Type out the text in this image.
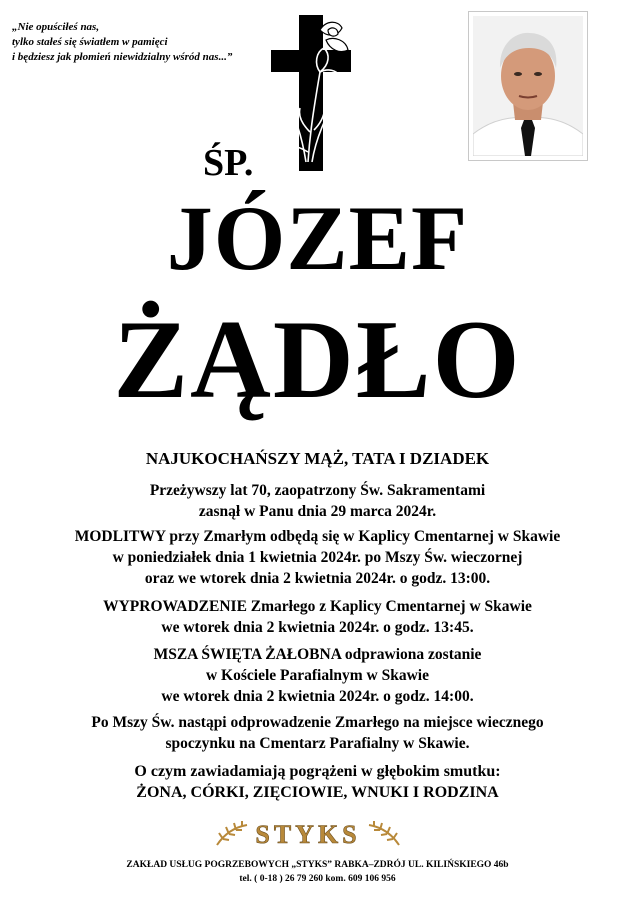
„Nie opuściłeś nas,
tylko stałeś się światłem w pamięci
i będziesz jak płomień niewidzialny wśród nas...”
ŚP.
JÓZEF
ŻĄDŁO
NAJUKOCHAŃSZY MĄŻ, TATA I DZIADEK
Przeżywszy lat 70, zaopatrzony Św. Sakramentami
zasnął w Panu dnia 29 marca 2024r.
MODLITWY przy Zmarłym odbędą się w Kaplicy Cmentarnej w Skawie
w poniedziałek dnia 1 kwietnia 2024r. po Mszy Św. wieczornej
oraz we wtorek dnia 2 kwietnia 2024r. o godz. 13:00.
WYPROWADZENIE Zmarłego z Kaplicy Cmentarnej w Skawie
we wtorek dnia 2 kwietnia 2024r. o godz. 13:45.
MSZA ŚWIĘTA ŻAŁOBNA odprawiona zostanie
w Kościele Parafialnym w Skawie
we wtorek dnia 2 kwietnia 2024r. o godz. 14:00.
Po Mszy Św. nastąpi odprowadzenie Zmarłego na miejsce wiecznego
spoczynku na Cmentarz Parafialny w Skawie.
O czym zawiadamiają pogrążeni w głębokim smutku:
ŻONA, CÓRKI, ZIĘCIOWIE, WNUKI I RODZINA
STYKS
ZAKŁAD USŁUG POGRZEBOWYCH „STYKS” RABKA–ZDRÓJ UL. KILIŃSKIEGO 46b
tel. ( 0-18 ) 26 79 260 kom. 609 106 956
